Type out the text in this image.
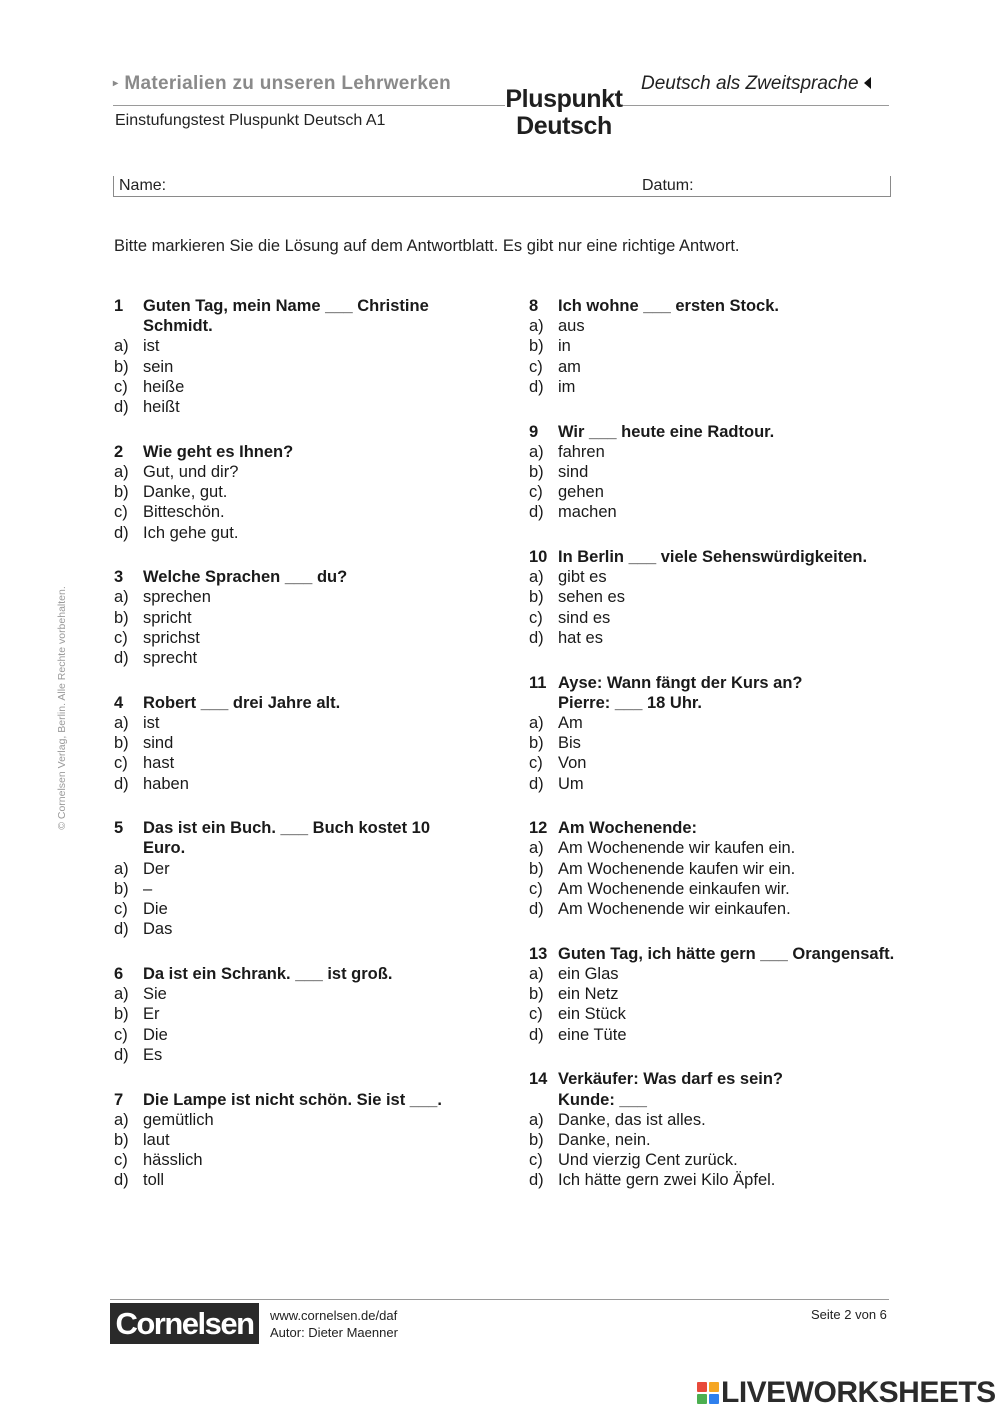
▸ Materialien zu unseren Lehrwerken	Deutsch als Zweitsprache
Einstufungstest Pluspunkt Deutsch A1
Pluspunkt
Deutsch
Name:	Datum:
Bitte markieren Sie die Lösung auf dem Antwortblatt. Es gibt nur eine richtige Antwort.
© Cornelsen Verlag, Berlin. Alle Rechte vorbehalten.
1	Guten Tag, mein Name ___ Christine Schmidt.
a) ist
b) sein
c) heiße
d) heißt
2	Wie geht es Ihnen?
a) Gut, und dir?
b) Danke, gut.
c) Bitteschön.
d) Ich gehe gut.
3	Welche Sprachen ___ du?
a) sprechen
b) spricht
c) sprichst
d) sprecht
4	Robert ___ drei Jahre alt.
a) ist
b) sind
c) hast
d) haben
5	Das ist ein Buch. ___ Buch kostet 10 Euro.
a) Der
b) –
c) Die
d) Das
6	Da ist ein Schrank. ___ ist groß.
a) Sie
b) Er
c) Die
d) Es
7	Die Lampe ist nicht schön. Sie ist ___.
a) gemütlich
b) laut
c) hässlich
d) toll
8	Ich wohne ___ ersten Stock.
a) aus
b) in
c) am
d) im
9	Wir ___ heute eine Radtour.
a) fahren
b) sind
c) gehen
d) machen
10 In Berlin ___ viele Sehenswürdigkeiten.
a) gibt es
b) sehen es
c) sind es
d) hat es
11 Ayse: Wann fängt der Kurs an?
Pierre: ___ 18 Uhr.
a) Am
b) Bis
c) Von
d) Um
12 Am Wochenende:
a) Am Wochenende wir kaufen ein.
b) Am Wochenende kaufen wir ein.
c) Am Wochenende einkaufen wir.
d) Am Wochenende wir einkaufen.
13 Guten Tag, ich hätte gern ___ Orangensaft.
a) ein Glas
b) ein Netz
c) ein Stück
d) eine Tüte
14 Verkäufer: Was darf es sein?
Kunde: ___
a) Danke, das ist alles.
b) Danke, nein.
c) Und vierzig Cent zurück.
d) Ich hätte gern zwei Kilo Äpfel.
Cornelsen	www.cornelsen.de/daf
Autor: Dieter Maenner
Seite 2 von 6
LIVEWORKSHEETS
